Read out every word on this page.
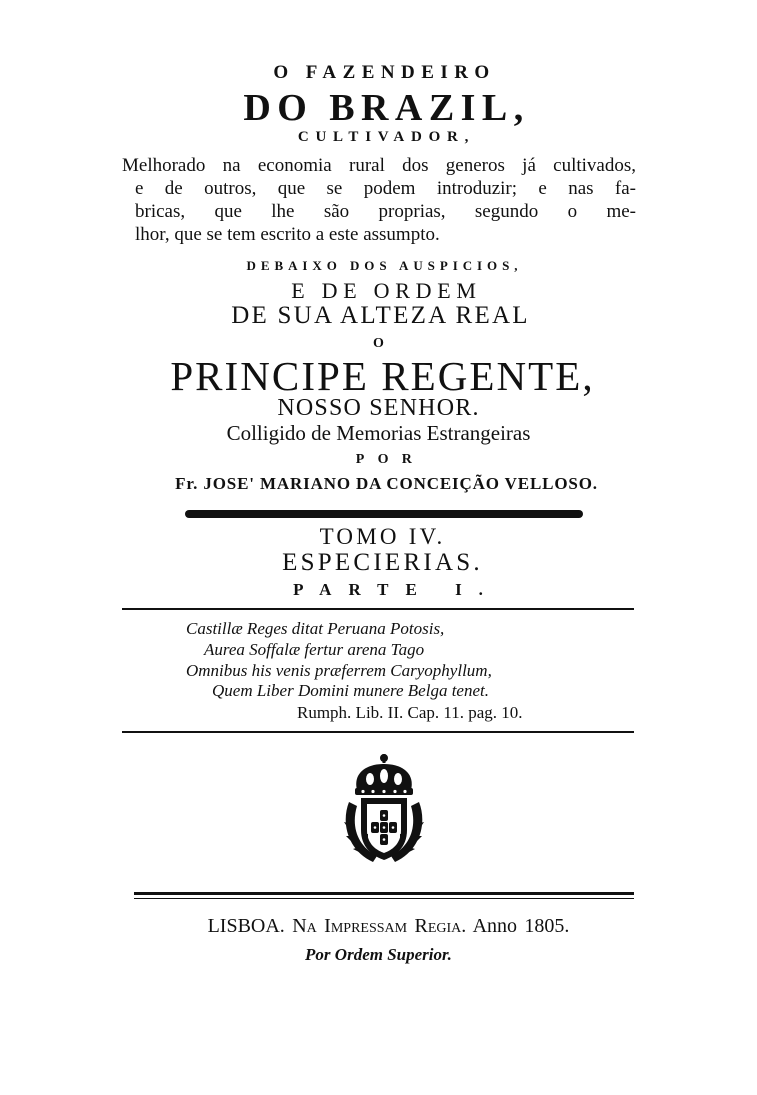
O FAZENDEIRO
DO BRAZIL,
CULTIVADOR,
Melhorado na economia rural dos generos já cultivados,
e de outros, que se podem introduzir; e nas fa-
bricas, que lhe são proprias, segundo o me-
lhor, que se tem escrito a este assumpto.
DEBAIXO DOS AUSPICIOS,
E DE ORDEM
DE SUA ALTEZA REAL
O
PRINCIPE REGENTE,
NOSSO SENHOR.
Colligido de Memorias Estrangeiras
POR
Fr. JOSE' MARIANO DA CONCEIÇÃO VELLOSO.
TOMO IV.
ESPECIERIAS.
PARTE I.
Castillæ Reges ditat Peruana Potosis,
Aurea Soffalæ fertur arena Tago
Omnibus his venis præferrem Caryophyllum,
Quem Liber Domini munere Belga tenet.
Rumph. Lib. II. Cap. 11. pag. 10.
LISBOA. Na Impressam Regia. Anno 1805.
Por Ordem Superior.
